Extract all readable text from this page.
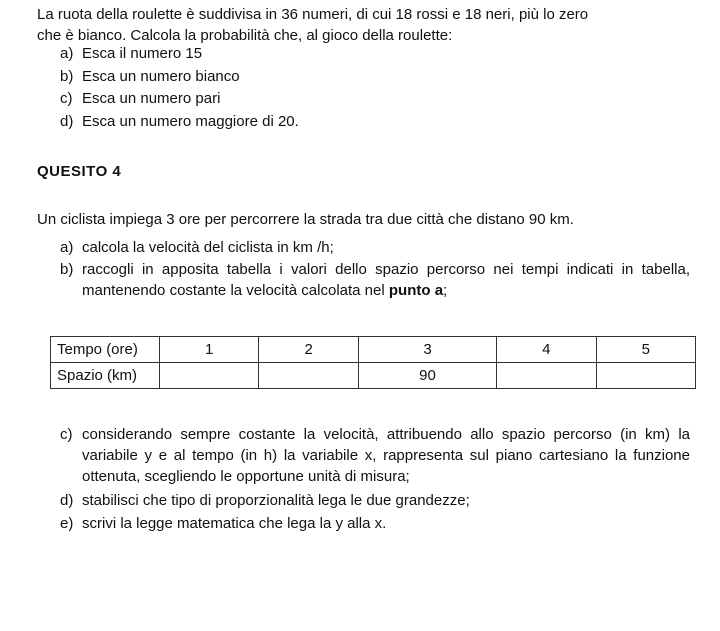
La ruota della roulette è suddivisa in 36 numeri, di cui 18 rossi e 18 neri, più lo zero

che è bianco. Calcola la probabilità che, al gioco della roulette:

a) Esca il numero 15
b) Esca un numero bianco
c) Esca un numero pari
d) Esca un numero maggiore di 20.
QUESITO 4

Un ciclista impiega 3 ore per percorrere la strada tra due città che distano 90 km.

a) calcola la velocità del ciclista in km /h;
b) raccogli in apposita tabella i valori dello spazio percorso nei tempi indicati in tabella, mantenendo costante la velocità calcolata nel punto a;
Tempo (ore)	1	2	3	4	5
Spazio (km)			90		
c) considerando sempre costante la velocità, attribuendo allo spazio percorso (in km) la variabile y e al tempo (in h) la variabile x, rappresenta sul piano cartesiano la funzione ottenuta, scegliendo le opportune unità di misura;
d) stabilisci che tipo di proporzionalità lega le due grandezze;
e) scrivi la legge matematica che lega la y alla x.
